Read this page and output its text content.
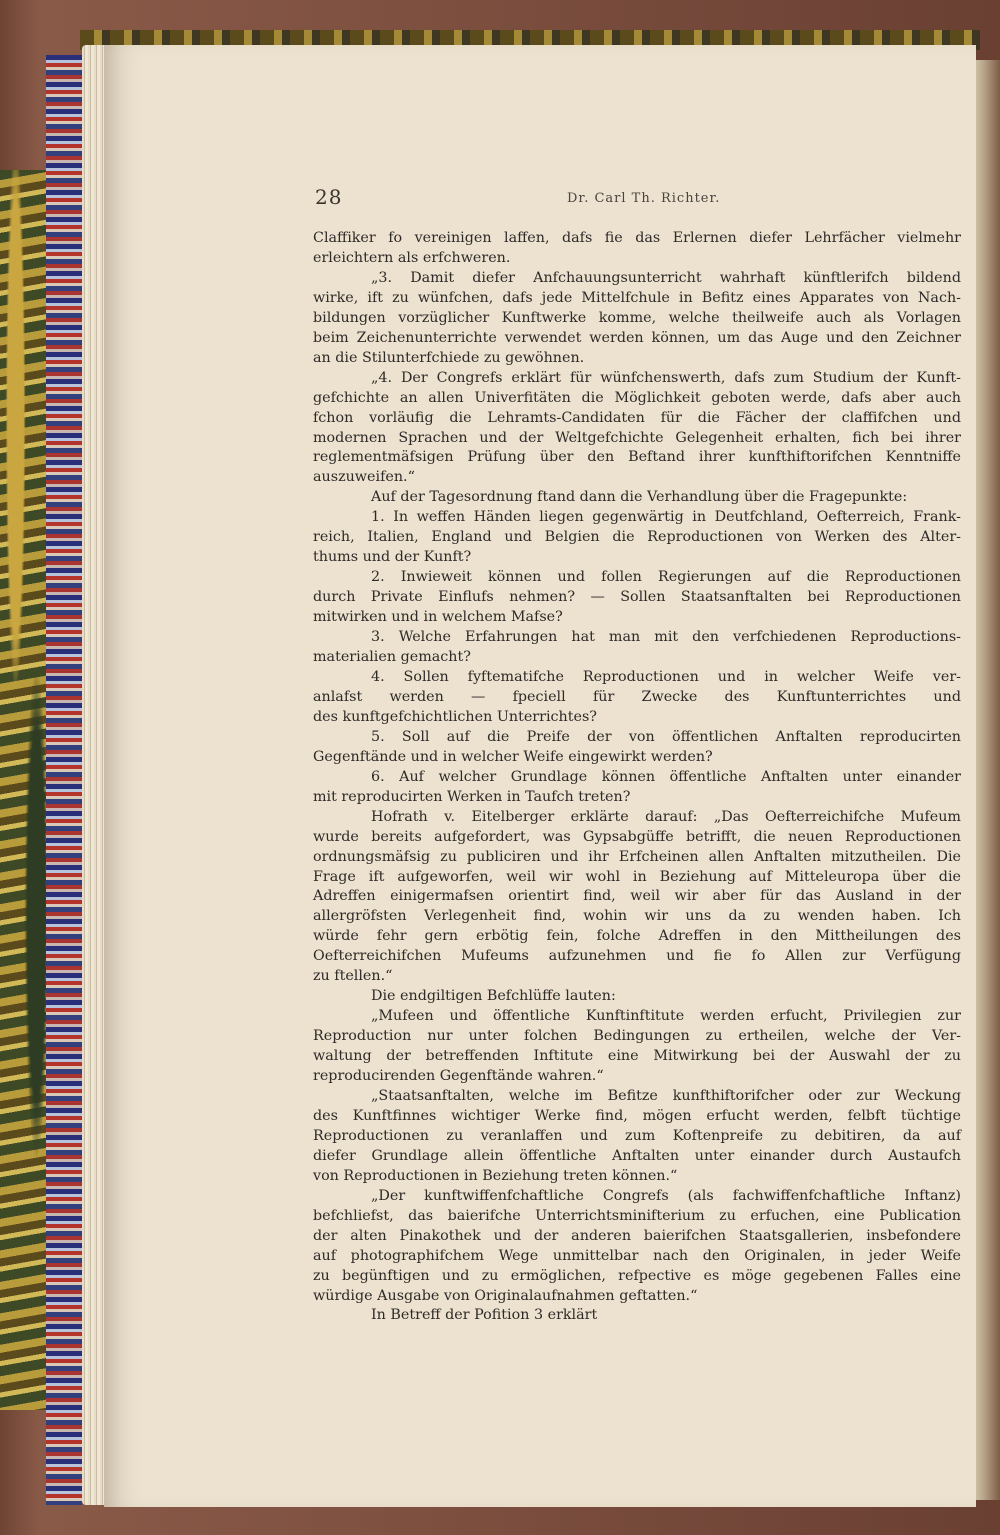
28	Dr. Carl Th. Richter.
Claffiker fo vereinigen laffen, dafs fie das Erlernen diefer Lehrfächer vielmehr
erleichtern als erfchweren.
„3. Damit diefer Anfchauungsunterricht wahrhaft künftlerifch bildend
wirke, ift zu wünfchen, dafs jede Mittelfchule in Befitz eines Apparates von Nach-
bildungen vorzüglicher Kunftwerke komme, welche theilweife auch als Vorlagen
beim Zeichenunterrichte verwendet werden können, um das Auge und den Zeichner
an die Stilunterfchiede zu gewöhnen.
„4. Der Congrefs erklärt für wünfchenswerth, dafs zum Studium der Kunft-
gefchichte an allen Univerfitäten die Möglichkeit geboten werde, dafs aber auch
fchon vorläufig die Lehramts-Candidaten für die Fächer der claffifchen und
modernen Sprachen und der Weltgefchichte Gelegenheit erhalten, fich bei ihrer
reglementmäfsigen Prüfung über den Beftand ihrer kunfthiftorifchen Kenntniffe
auszuweifen.“
Auf der Tagesordnung ftand dann die Verhandlung über die Fragepunkte:
1. In weffen Händen liegen gegenwärtig in Deutfchland, Oefterreich, Frank-
reich, Italien, England und Belgien die Reproductionen von Werken des Alter-
thums und der Kunft?
2. Inwieweit können und follen Regierungen auf die Reproductionen
durch Private Einflufs nehmen? — Sollen Staatsanftalten bei Reproductionen
mitwirken und in welchem Mafse?
3. Welche Erfahrungen hat man mit den verfchiedenen Reproductions-
materialien gemacht?
4. Sollen fyftematifche Reproductionen und in welcher Weife ver-
anlafst werden — fpeciell für Zwecke des Kunftunterrichtes und
des kunftgefchichtlichen Unterrichtes?
5. Soll auf die Preife der von öffentlichen Anftalten reproducirten
Gegenftände und in welcher Weife eingewirkt werden?
6. Auf welcher Grundlage können öffentliche Anftalten unter einander
mit reproducirten Werken in Taufch treten?
Hofrath v. Eitelberger erklärte darauf: „Das Oefterreichifche Mufeum
wurde bereits aufgefordert, was Gypsabgüffe betrifft, die neuen Reproductionen
ordnungsmäfsig zu publiciren und ihr Erfcheinen allen Anftalten mitzutheilen. Die
Frage ift aufgeworfen, weil wir wohl in Beziehung auf Mitteleuropa über die
Adreffen einigermafsen orientirt find, weil wir aber für das Ausland in der
allergröfsten Verlegenheit find, wohin wir uns da zu wenden haben. Ich
würde fehr gern erbötig fein, folche Adreffen in den Mittheilungen des
Oefterreichifchen Mufeums aufzunehmen und fie fo Allen zur Verfügung
zu ftellen.“
Die endgiltigen Befchlüffe lauten:
„Mufeen und öffentliche Kunftinftitute werden erfucht, Privilegien zur
Reproduction nur unter folchen Bedingungen zu ertheilen, welche der Ver-
waltung der betreffenden Inftitute eine Mitwirkung bei der Auswahl der zu
reproducirenden Gegenftände wahren.“
„Staatsanftalten, welche im Befitze kunfthiftorifcher oder zur Weckung
des Kunftfinnes wichtiger Werke find, mögen erfucht werden, felbft tüchtige
Reproductionen zu veranlaffen und zum Koftenpreife zu debitiren, da auf
diefer Grundlage allein öffentliche Anftalten unter einander durch Austaufch
von Reproductionen in Beziehung treten können.“
„Der kunftwiffenfchaftliche Congrefs (als fachwiffenfchaftliche Inftanz)
befchliefst, das baierifche Unterrichtsminifterium zu erfuchen, eine Publication
der alten Pinakothek und der anderen baierifchen Staatsgallerien, insbefondere
auf photographifchem Wege unmittelbar nach den Originalen, in jeder Weife
zu begünftigen und zu ermöglichen, refpective es möge gegebenen Falles eine
würdige Ausgabe von Originalaufnahmen geftatten.“
In Betreff der Pofition 3 erklärt
